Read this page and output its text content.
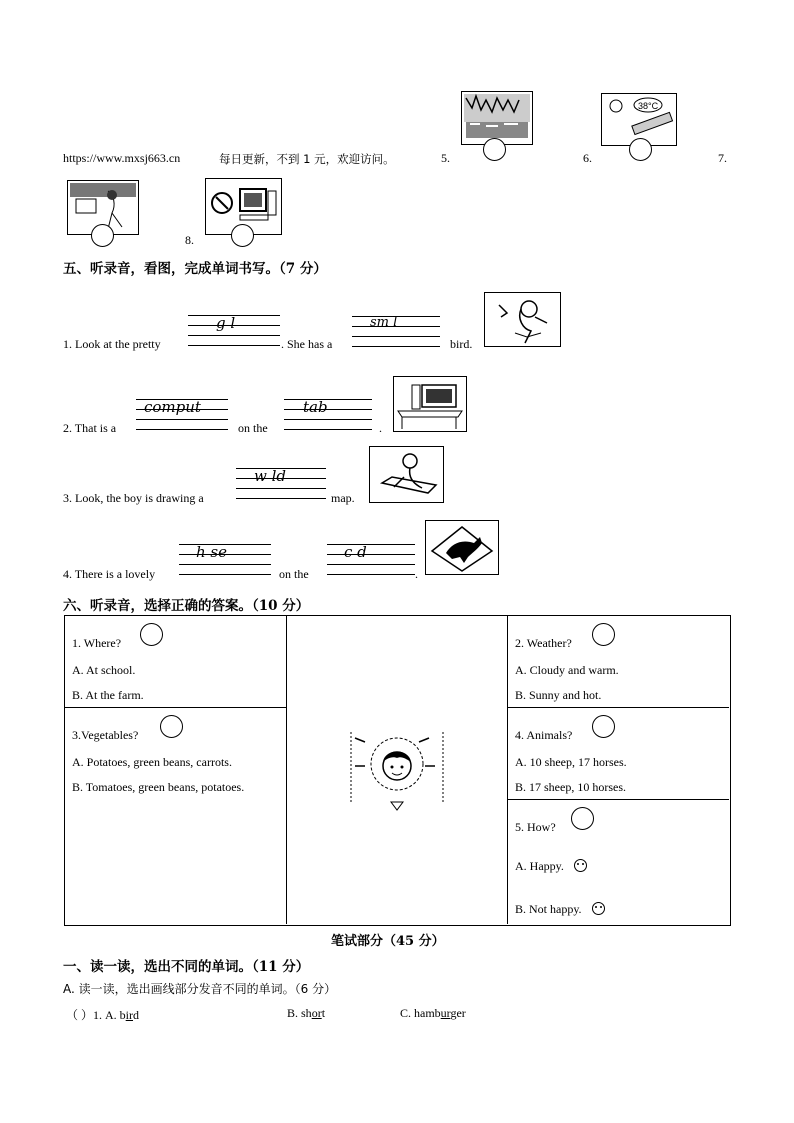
38°C
https://www.mxsj663.cn	每日更新，不到 1 元，欢迎访问。	5.	6.	7.
8.
五、听录音，看图，完成单词书写。（7 分）
1. Look at the pretty
g l
. She has a
sm l
bird.
2. That is a
comput
on the
tab
.
3. Look, the boy is drawing a
w ld
map.
4. There is a lovely
h se
on the
c d
.
六、听录音，选择正确的答案。（10 分）
1. Where?
A. At school.
B. At the farm.
3.Vegetables?
A. Potatoes, green beans, carrots.
B. Tomatoes, green beans, potatoes.
2. Weather?
A. Cloudy and warm.
B. Sunny and hot.
4. Animals?
A. 10 sheep, 17 horses.
B. 17 sheep, 10 horses.
5. How?
A. Happy.
B. Not happy.
笔试部分（45 分）
一、读一读，选出不同的单词。（11 分）
A. 读一读，选出画线部分发音不同的单词。（6 分）
（ ）1. A. bird	B. short	C. hamburger
